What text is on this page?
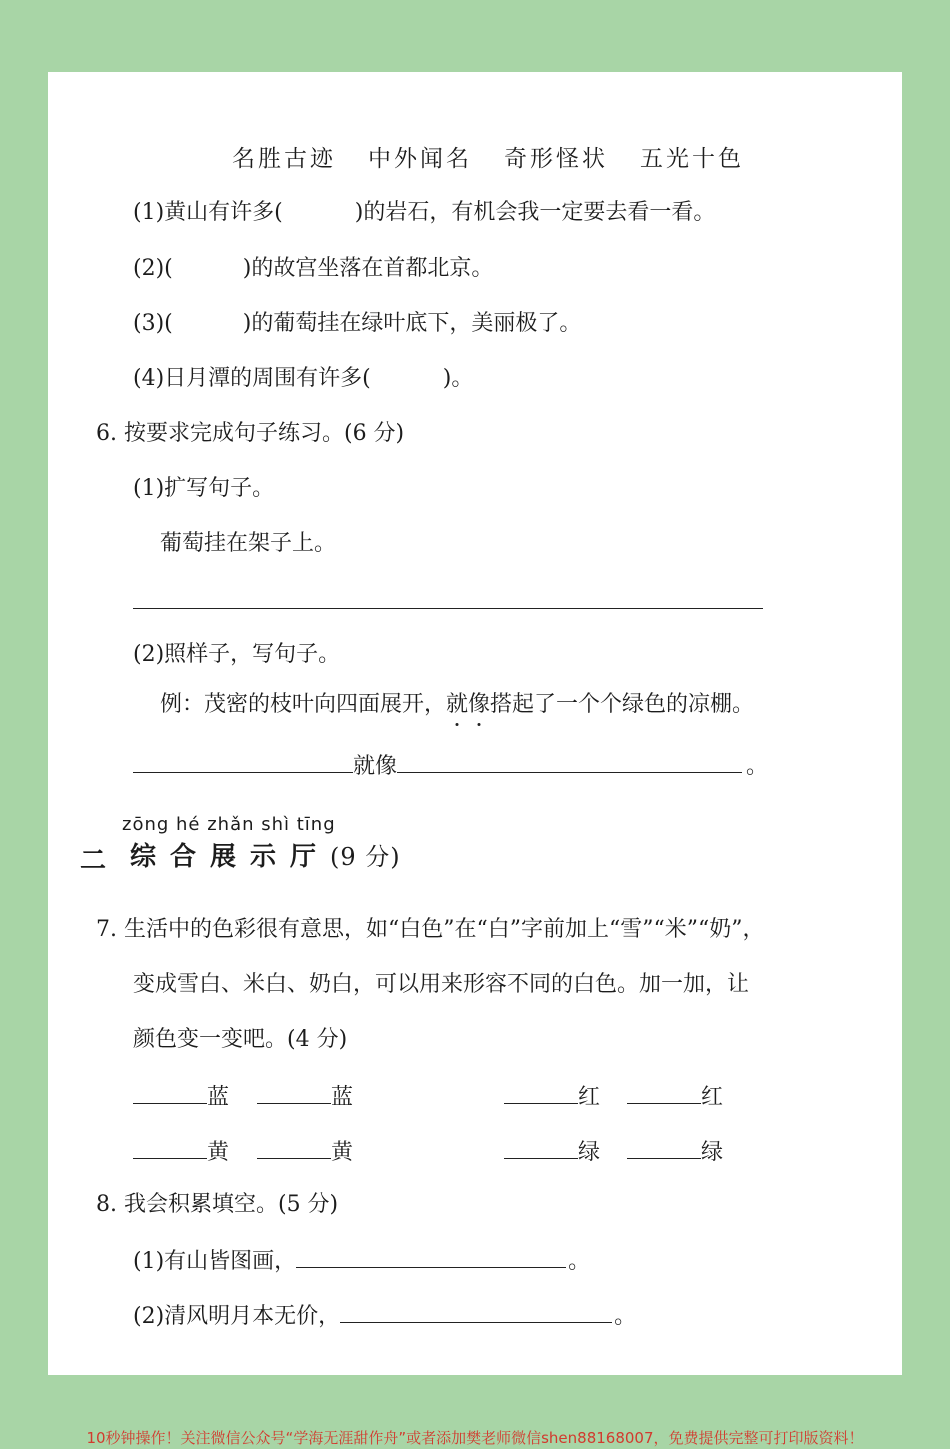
名胜古迹 中外闻名 奇形怪状 五光十色
(1)黄山有许多(	)的岩石，有机会我一定要去看一看。
(2)(	)的故宫坐落在首都北京。
(3)(	)的葡萄挂在绿叶底下，美丽极了。
(4)日月潭的周围有许多(	)。
6. 按要求完成句子练习。(6 分)
(1)扩写句子。
葡萄挂在架子上。
(2)照样子，写句子。
例：茂密的枝叶向四面展开，就像搭起了一个个绿色的凉棚。
就像	。
二
zōng hé zhǎn shì tīng
综合展示厅(9 分)
7. 生活中的色彩很有意思，如“白色”在“白”字前加上“雪”“米”“奶”，
变成雪白、米白、奶白，可以用来形容不同的白色。加一加，让
颜色变一变吧。(4 分)
蓝	蓝	红	红
黄	黄	绿	绿
8. 我会积累填空。(5 分)
(1)有山皆图画，	。
(2)清风明月本无价，	。
10秒钟操作！关注微信公众号“学海无涯甜作舟”或者添加樊老师微信shen88168007，免费提供完整可打印版资料！
